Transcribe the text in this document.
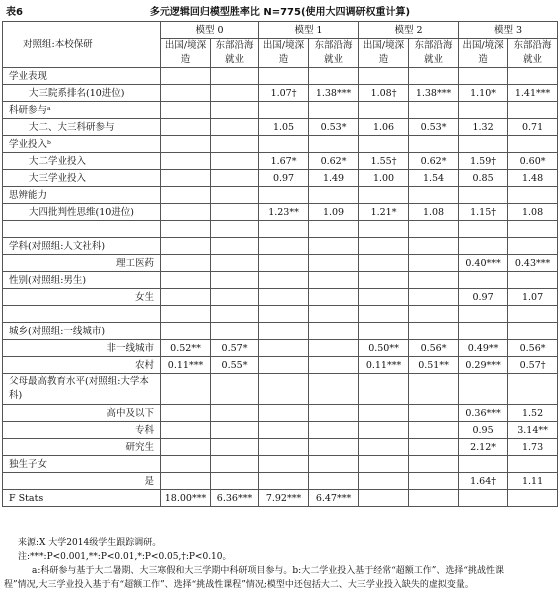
多元逻辑回归模型胜率比 N=775(使用大四调研权重计算)
表6
对照组:本校保研	模型 0		模型 1		模型 2		模型 3	
	出国/境深造	东部沿海就业	出国/境深造	东部沿海就业	出国/境深造	东部沿海就业	出国/境深造	东部沿海就业
学业表现								
大三院系排名(10进位)			1.07†	1.38***	1.08†	1.38***	1.10*	1.41***
科研参与ᵃ								
大二、大三科研参与			1.05	0.53*	1.06	0.53*	1.32	0.71
学业投入ᵇ								
大二学业投入			1.67*	0.62*	1.55†	0.62*	1.59†	0.60*
大三学业投入			0.97	1.49	1.00	1.54	0.85	1.48
思辨能力								
大四批判性思维(10进位)			1.23**	1.09	1.21*	1.08	1.15†	1.08

学科(对照组:人文社科)								
理工医药							0.40***	0.43***
性别(对照组:男生)								
女生							0.97	1.07

城乡(对照组:一线城市)								
非一线城市	0.52**	0.57*			0.50**	0.56*	0.49**	0.56*
农村	0.11***	0.55*			0.11***	0.51**	0.29***	0.57†
父母最高教育水平(对照组:大学本科)								
高中及以下							0.36***	1.52
专科							0.95	3.14**
研究生							2.12*	1.73
独生子女								
是							1.64†	1.11
F Stats	18.00***	6.36***	7.92***	6.47***				
来源:X 大学2014级学生跟踪调研。
注:***:P<0.001,**:P<0.01,*:P<0.05,†:P<0.10。
a:科研参与基于大二暑期、大三寒假和大三学期中科研项目参与。b:大二学业投入基于经常“超额工作”、选择“挑战性课
程”情况,大三学业投入基于有“超额工作”、选择“挑战性课程”情况;模型中还包括大二、大三学业投入缺失的虚拟变量。
